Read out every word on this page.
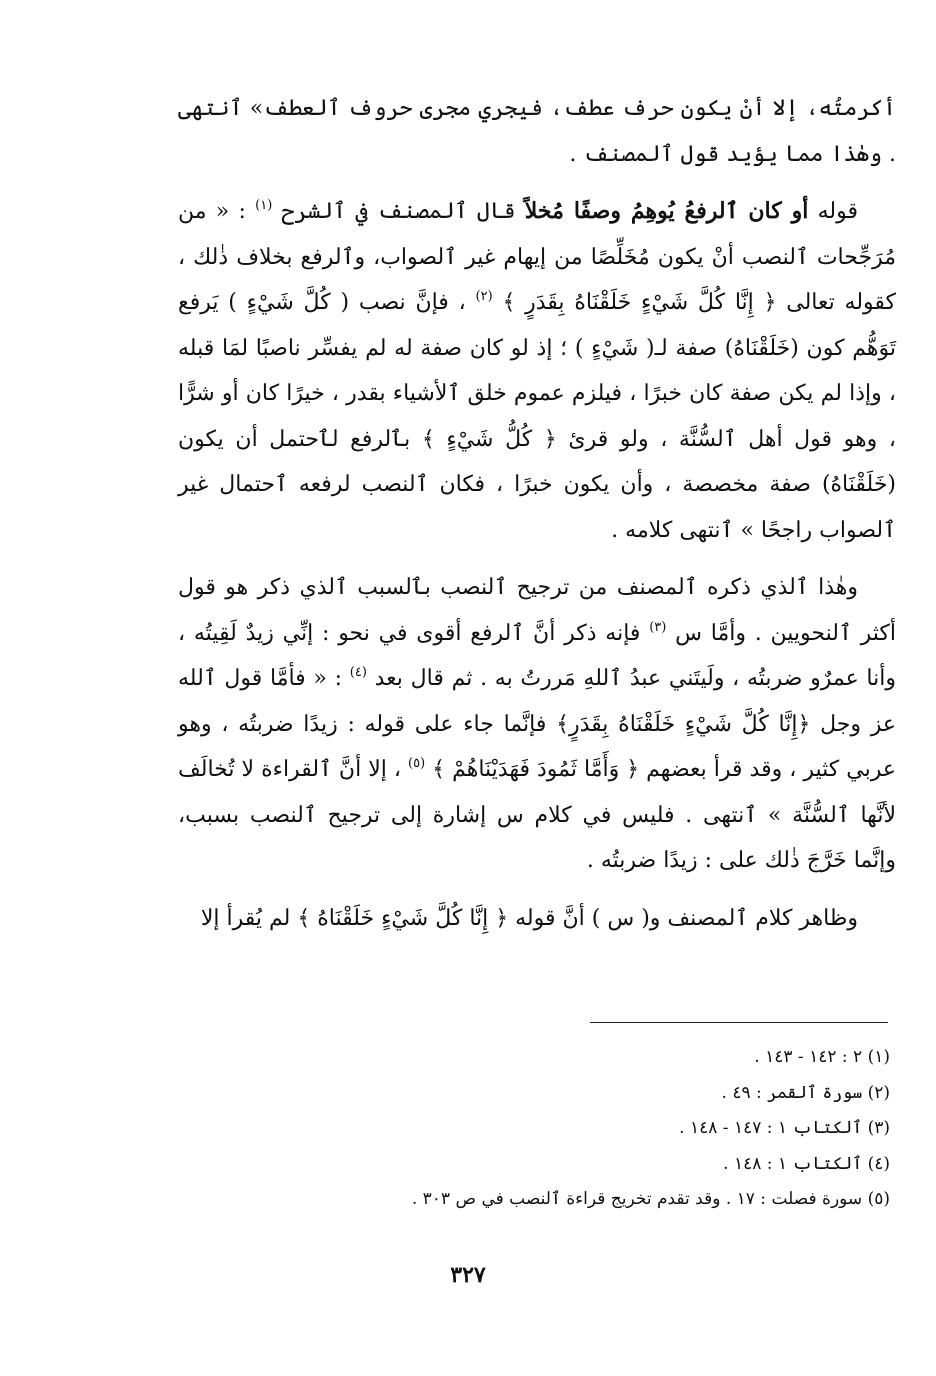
أكرمتُه، إلا أنْ يكون حرف عطف، فيجري مجرى حروف ٱلعطف» ٱنتهى . وهٰذا مما يؤيد قول ٱلمصنف .

قوله أو كان ٱلرفعُ يُوهِمُ وصفًا مُخلاً قال ٱلمصنف في ٱلشرح $^{(١)}$ : « من مُرَجِّحات ٱلنصب أنْ يكون مُخَلِّصًا من إيهام غير ٱلصواب، وٱلرفع بخلاف ذٰلك ، كقوله تعالى ﴿ إِنَّا كُلَّ شَيْءٍ خَلَقْنَاهُ بِقَدَرٍ ﴾ $^{(٢)}$ ، فإنَّ نصب ( كُلَّ شَيْءٍ ) يَرفع تَوَهُّم كون (خَلَقْنَاهُ) صفة لـ( شَيْءٍ ) ؛ إذ لو كان صفة له لم يفسِّر ناصبًا لمَا قبله ، وإذا لم يكن صفة كان خبرًا ، فيلزم عموم خلق ٱلأشياء بقدر ، خيرًا كان أو شرًّا ، وهو قول أهل ٱلسُّنَّة ، ولو قرئ ﴿ كُلُّ شَيْءٍ ﴾ بٱلرفع لٱحتمل أن يكون (خَلَقْنَاهُ) صفة مخصصة ، وأن يكون خبرًا ، فكان ٱلنصب لرفعه ٱحتمال غير ٱلصواب راجحًا » ٱنتهى كلامه .

وهٰذا ٱلذي ذكره ٱلمصنف من ترجيح ٱلنصب بٱلسبب ٱلذي ذكر هو قول أكثر ٱلنحويين . وأمَّا س $^{(٣)}$ فإنه ذكر أنَّ ٱلرفع أقوى في نحو : إنِّي زيدٌ لَقِيتُه ، وأنا عمرٌو ضربتُه ، ولَيتَني عبدُ ٱللهِ مَررتُ به . ثم قال بعد $^{(٤)}$ : « فأمَّا قول ٱلله عز وجل ﴿إِنَّا كُلَّ شَيْءٍ خَلَقْنَاهُ بِقَدَرٍ﴾ فإنَّما جاء على قوله : زيدًا ضربتُه ، وهو عربي كثير ، وقد قرأ بعضهم ﴿ وَأَمَّا ثَمُودَ فَهَدَيْنَاهُمْ ﴾ $^{(٥)}$ ، إلا أنَّ ٱلقراءة لا تُخالَف لأنَّها ٱلسُّنَّة » ٱنتهى . فليس في كلام س إشارة إلى ترجيح ٱلنصب بسبب، وإنَّما خَرَّجَ ذٰلك على : زيدًا ضربتُه .

وظاهر كلام ٱلمصنف و( س ) أنَّ قوله ﴿ إِنَّا كُلَّ شَيْءٍ خَلَقْنَاهُ ﴾ لم يُقرأ إلا

(١) ٢ : ١٤٢ - ١٤٣ .
(٢) سورة ٱلقمر : ٤٩ .
(٣) ٱلكتاب ١ : ١٤٧ - ١٤٨ .
(٤) ٱلكتاب ١ : ١٤٨ .
(٥) سورة فصلت : ١٧ . وقد تقدم تخريج قراءة ٱلنصب في ص ٣٠٣ .
٣٢٧
